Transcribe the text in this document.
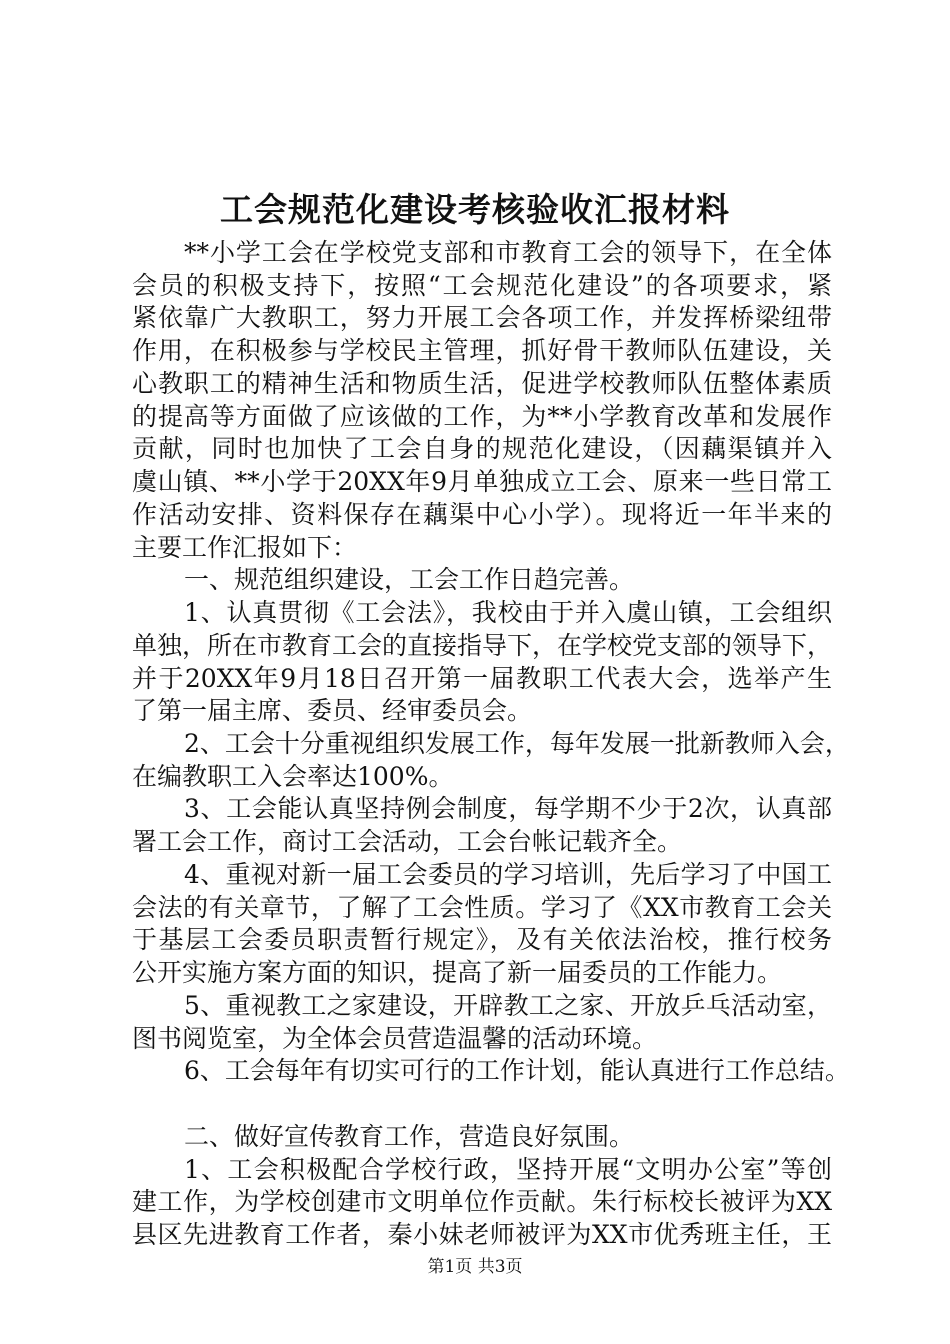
工会规范化建设考核验收汇报材料

**小学工会在学校党支部和市教育工会的领导下，在全体

会员的积极支持下，按照“工会规范化建设”的各项要求，紧

紧依靠广大教职工，努力开展工会各项工作，并发挥桥梁纽带

作用，在积极参与学校民主管理，抓好骨干教师队伍建设，关

心教职工的精神生活和物质生活，促进学校教师队伍整体素质

的提高等方面做了应该做的工作，为**小学教育改革和发展作

贡献，同时也加快了工会自身的规范化建设，（因藕渠镇并入

虞山镇、**小学于20XX年9月单独成立工会、原来一些日常工

作活动安排、资料保存在藕渠中心小学）。现将近一年半来的

主要工作汇报如下：

一、规范组织建设，工会工作日趋完善。

1、认真贯彻《工会法》，我校由于并入虞山镇，工会组织

单独，所在市教育工会的直接指导下，在学校党支部的领导下，

并于20XX年9月18日召开第一届教职工代表大会，选举产生

了第一届主席、委员、经审委员会。

2、工会十分重视组织发展工作，每年发展一批新教师入会，

在编教职工入会率达100%。

3、工会能认真坚持例会制度，每学期不少于2次，认真部

署工会工作，商讨工会活动，工会台帐记载齐全。

4、重视对新一届工会委员的学习培训，先后学习了中国工

会法的有关章节，了解了工会性质。学习了《XX市教育工会关

于基层工会委员职责暂行规定》，及有关依法治校，推行校务

公开实施方案方面的知识，提高了新一届委员的工作能力。

5、重视教工之家建设，开辟教工之家、开放乒乓活动室，

图书阅览室，为全体会员营造温馨的活动环境。

6、工会每年有切实可行的工作计划，能认真进行工作总结。

二、做好宣传教育工作，营造良好氛围。

1、工会积极配合学校行政，坚持开展“文明办公室”等创

建工作，为学校创建市文明单位作贡献。朱行标校长被评为XX

县区先进教育工作者，秦小妹老师被评为XX市优秀班主任，王

第1页 共3页
